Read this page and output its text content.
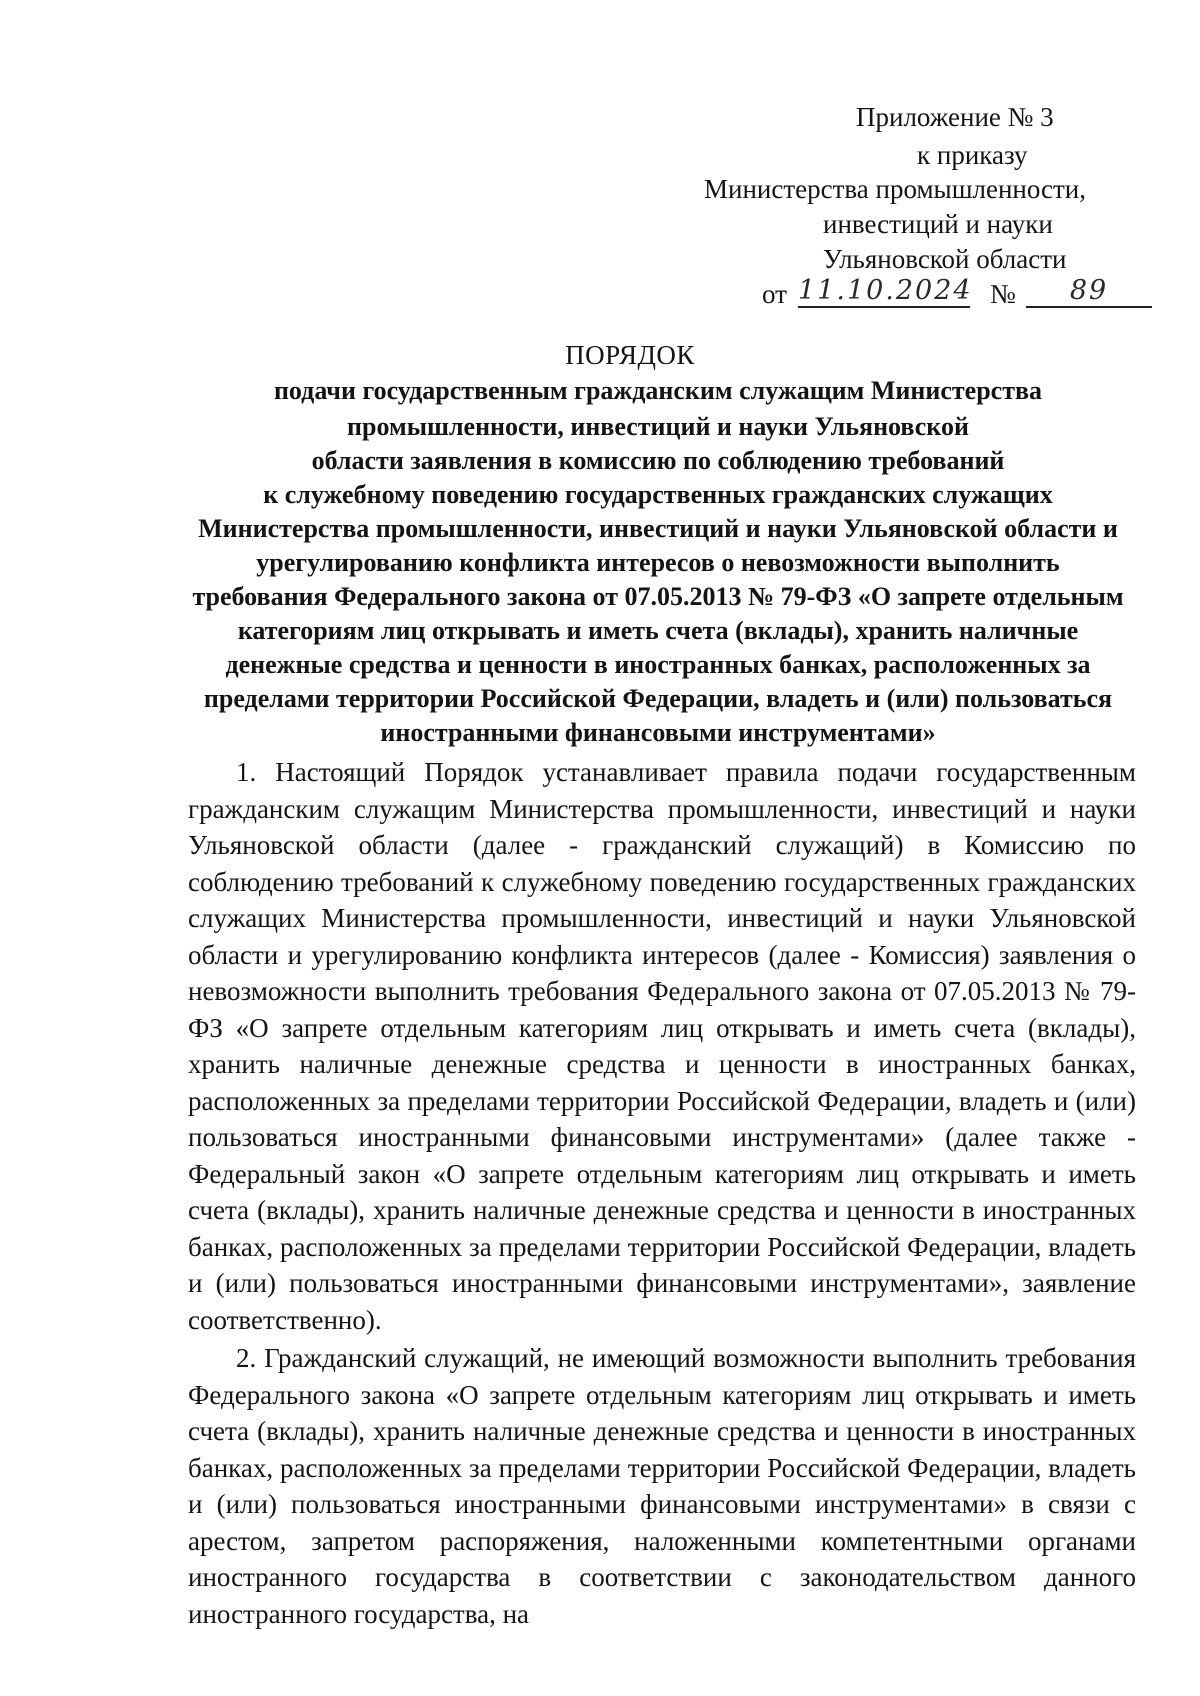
Приложение № 3
к приказу
Министерства промышленности,
инвестиций и науки
Ульяновской области
от 11.10.2024 №	89
ПОРЯДОК

подачи государственным гражданским служащим Министерства

промышленности, инвестиций и науки Ульяновской

области заявления в комиссию по соблюдению требований

к служебному поведению государственных гражданских служащих

Министерства промышленности, инвестиций и науки Ульяновской области и

урегулированию конфликта интересов о невозможности выполнить

требования Федерального закона от 07.05.2013 № 79-ФЗ «О запрете отдельным

категориям лиц открывать и иметь счета (вклады), хранить наличные

денежные средства и ценности в иностранных банках, расположенных за

пределами территории Российской Федерации, владеть и (или) пользоваться

иностранными финансовыми инструментами»

1. Настоящий Порядок устанавливает правила подачи государственным гражданским служащим Министерства промышленности, инвестиций и науки Ульяновской области (далее - гражданский служащий) в Комиссию по соблюдению требований к служебному поведению государственных гражданских служащих Министерства промышленности, инвестиций и науки Ульяновской области и урегулированию конфликта интересов (далее - Комиссия) заявления о невозможности выполнить требования Федерального закона от 07.05.2013 № 79-ФЗ «О запрете отдельным категориям лиц открывать и иметь счета (вклады), хранить наличные денежные средства и ценности в иностранных банках, расположенных за пределами территории Российской Федерации, владеть и (или) пользоваться иностранными финансовыми инструментами» (далее также - Федеральный закон «О запрете отдельным категориям лиц открывать и иметь счета (вклады), хранить наличные денежные средства и ценности в иностранных банках, расположенных за пределами территории Российской Федерации, владеть и (или) пользоваться иностранными финансовыми инструментами», заявление соответственно).

2. Гражданский служащий, не имеющий возможности выполнить требования Федерального закона «О запрете отдельным категориям лиц открывать и иметь счета (вклады), хранить наличные денежные средства и ценности в иностранных банках, расположенных за пределами территории Российской Федерации, владеть и (или) пользоваться иностранными финансовыми инструментами» в связи с арестом, запретом распоряжения, наложенными компетентными органами иностранного государства в соответствии с законодательством данного иностранного государства, на
